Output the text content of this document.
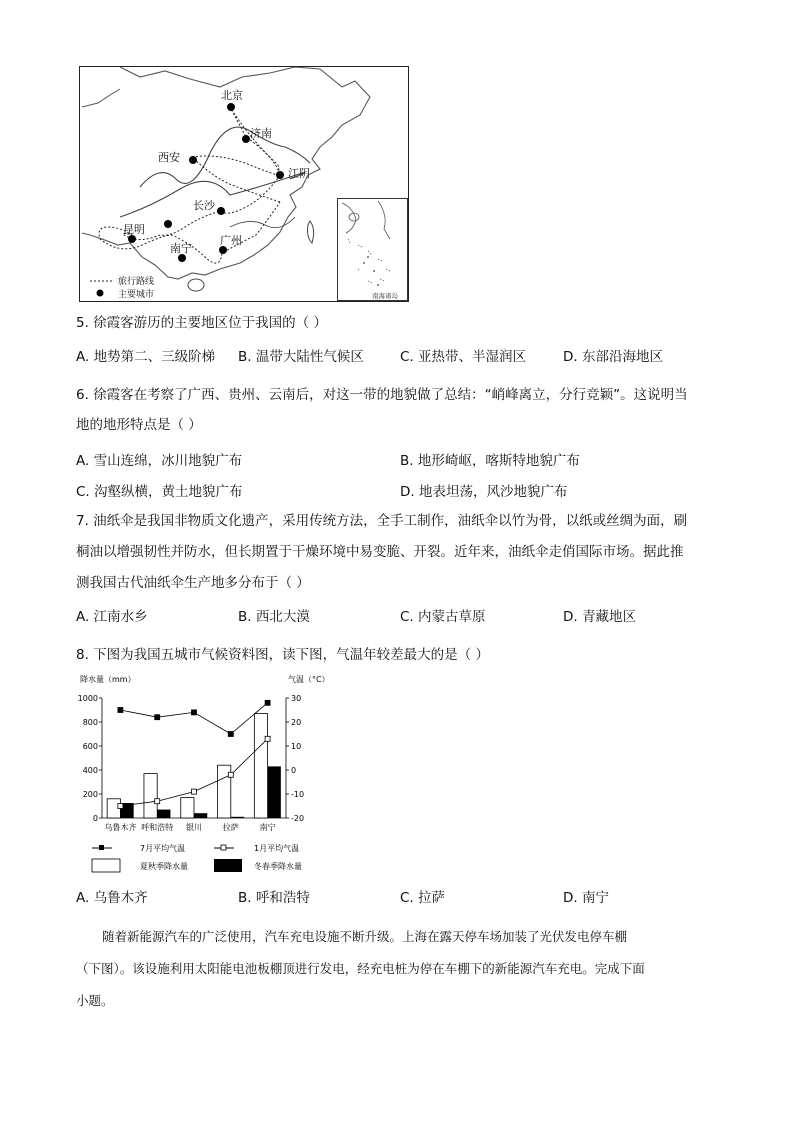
北京
济南
西安
江阴
长沙
昆明
南宁
广州
旅行路线
主要城市	南海诸岛
5. 徐霞客游历的主要地区位于我国的（ ）
A. 地势第二、三级阶梯 B. 温带大陆性气候区	C. 亚热带、半湿润区	D. 东部沿海地区
6. 徐霞客在考察了广西、贵州、云南后，对这一带的地貌做了总结：“峭峰离立，分行竞颖”。这说明当
地的地形特点是（ ）
A. 雪山连绵，冰川地貌广布	B. 地形崎岖，喀斯特地貌广布
C. 沟壑纵横，黄土地貌广布	D. 地表坦荡，风沙地貌广布
7. 油纸伞是我国非物质文化遗产，采用传统方法，全手工制作，油纸伞以竹为骨，以纸或丝绸为面，刷
桐油以增强韧性并防水，但长期置于干燥环境中易变脆、开裂。近年来，油纸伞走俏国际市场。据此推
测我国古代油纸伞生产地多分布于（ ）
A. 江南水乡	B. 西北大漠	C. 内蒙古草原	D. 青藏地区
8. 下图为我国五城市气候资料图，读下图，气温年较差最大的是（ ）
降水量（mm）	气温（°C）
0
200
400
600
800
1000
-20
-10
0
10
20
30
乌鲁木齐 呼和浩特 银川	拉萨	南宁
7月平均气温	1月平均气温
夏秋季降水量	冬春季降水量
A. 乌鲁木齐	B. 呼和浩特	C. 拉萨	D. 南宁
随着新能源汽车的广泛使用，汽车充电设施不断升级。上海在露天停车场加装了光伏发电停车棚
（下图）。该设施利用太阳能电池板棚顶进行发电，经充电桩为停在车棚下的新能源汽车充电。完成下面
小题。
